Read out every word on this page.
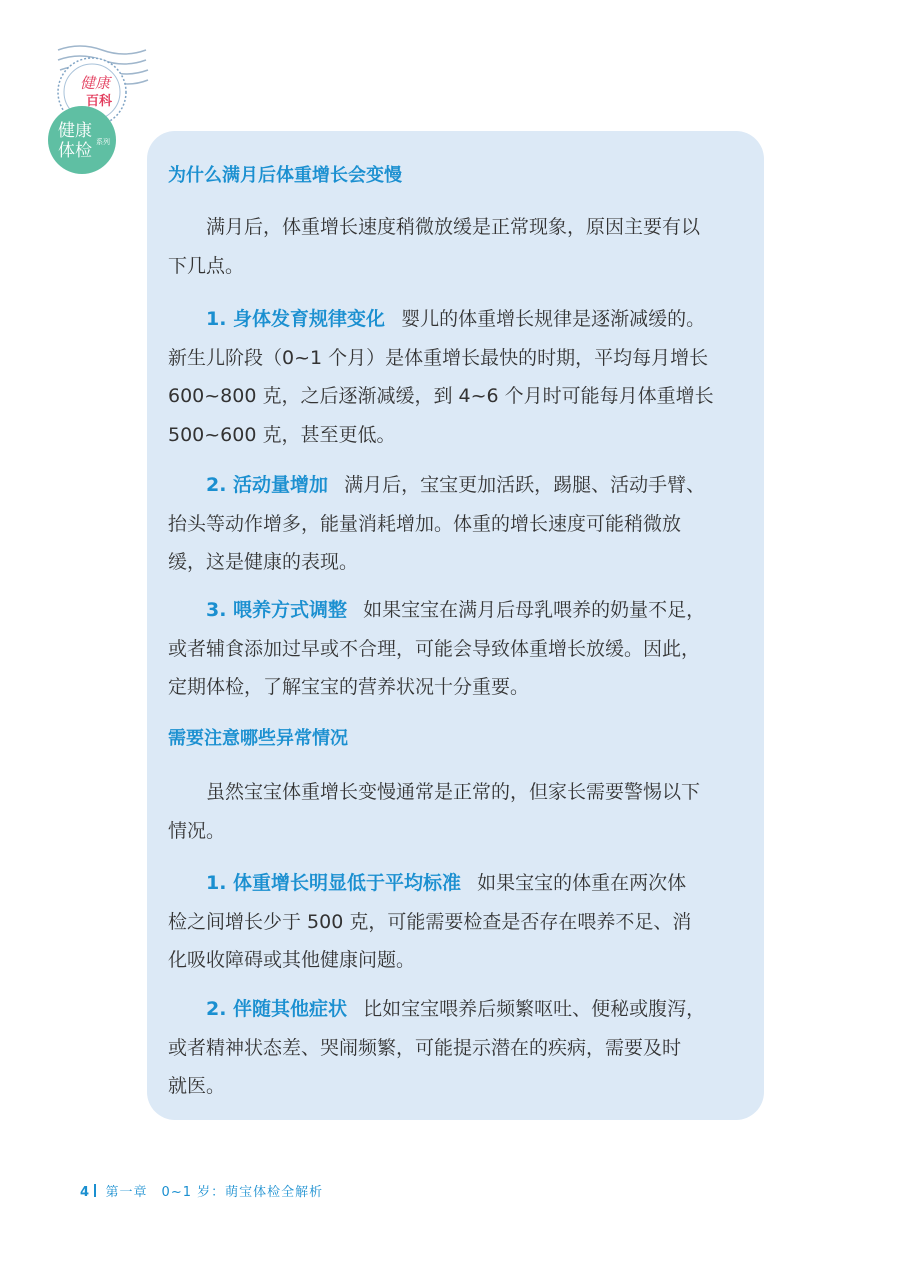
健康
百科
健康
体检 系列
为什么满月后体重增长会变慢

满月后，体重增长速度稍微放缓是正常现象，原因主要有以
下几点。

1. 身体发育规律变化 婴儿的体重增长规律是逐渐减缓的。
新生儿阶段（0~1 个月）是体重增长最快的时期，平均每月增长
600~800 克，之后逐渐减缓，到 4~6 个月时可能每月体重增长
500~600 克，甚至更低。

2. 活动量增加 满月后，宝宝更加活跃，踢腿、活动手臂、
抬头等动作增多，能量消耗增加。体重的增长速度可能稍微放
缓，这是健康的表现。

3. 喂养方式调整 如果宝宝在满月后母乳喂养的奶量不足，
或者辅食添加过早或不合理，可能会导致体重增长放缓。因此，
定期体检，了解宝宝的营养状况十分重要。

需要注意哪些异常情况

虽然宝宝体重增长变慢通常是正常的，但家长需要警惕以下
情况。

1. 体重增长明显低于平均标准 如果宝宝的体重在两次体
检之间增长少于 500 克，可能需要检查是否存在喂养不足、消
化吸收障碍或其他健康问题。

2. 伴随其他症状 比如宝宝喂养后频繁呕吐、便秘或腹泻，
或者精神状态差、哭闹频繁，可能提示潜在的疾病，需要及时
就医。

4 第一章　0~1 岁：萌宝体检全解析
